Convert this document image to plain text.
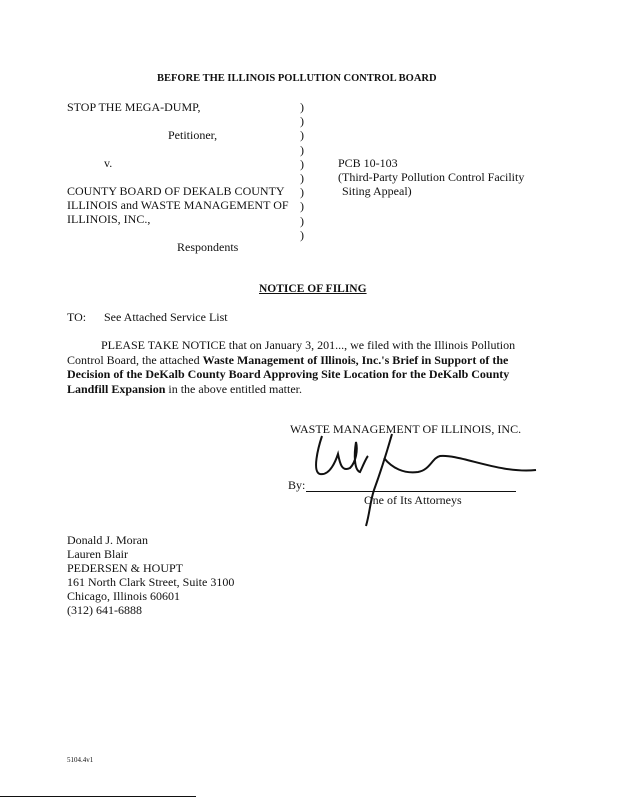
BEFORE THE ILLINOIS POLLUTION CONTROL BOARD
STOP THE MEGA-DUMP,
Petitioner,
v.
COUNTY BOARD OF DEKALB COUNTY
ILLINOIS and WASTE MANAGEMENT OF
ILLINOIS, INC.,
Respondents
)
)
)
)
)
)
)
)
)
)
PCB 10-103
(Third-Party Pollution Control Facility
Siting Appeal)
NOTICE OF FILING
TO: See Attached Service List
PLEASE TAKE NOTICE that on January 3, 201..., we filed with the Illinois Pollution Control Board, the attached Waste Management of Illinois, Inc.'s Brief in Support of the Decision of the DeKalb County Board Approving Site Location for the DeKalb County Landfill Expansion in the above entitled matter.
WASTE MANAGEMENT OF ILLINOIS, INC.
By:
One of Its Attorneys
Donald J. Moran
Lauren Blair
PEDERSEN & HOUPT
161 North Clark Street, Suite 3100
Chicago, Illinois 60601
(312) 641-6888
5104.4v1
